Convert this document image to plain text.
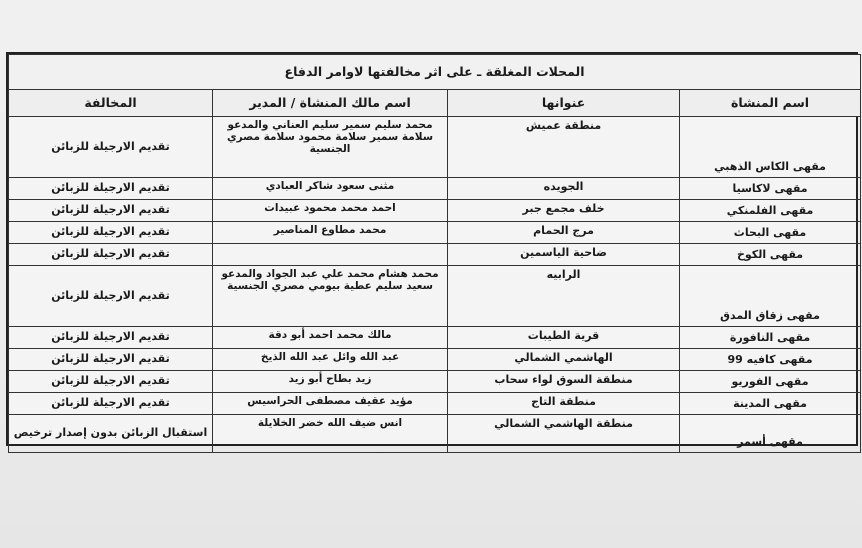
المحلات المغلقة ـ على اثر مخالفتها لاوامر الدفاع			
اسم المنشاة	عنوانها	اسم مالك المنشاة / المدير	المخالفة
مقهى الكاس الذهبي	منطقة عميش	محمد سليم سمير سليم العناني والمدعو سلامة سمير سلامة محمود سلامة مصري الجنسية	تقديم الارجيلة للزبائن
مقهى لاكاسيا	الجويده	مثنى سعود شاكر العبادي	تقديم الارجيلة للزبائن
مقهى الفلمنكي	خلف مجمع جبر	احمد محمد محمود عبيدات	تقديم الارجيلة للزبائن
مقهى البحاث	مرج الحمام	محمد مطاوع المناصير	تقديم الارجيلة للزبائن
مقهى الكوخ	ضاحية الياسمين		تقديم الارجيلة للزبائن
مقهى زقاق المدق	الرابيه	محمد هشام محمد علي عبد الجواد والمدعو سعيد سليم عطية بيومي مصري الجنسية	تقديم الارجيلة للزبائن
مقهى النافورة	قرية الطيبات	مالك محمد احمد أبو دقة	تقديم الارجيلة للزبائن
مقهى كافيه 99	الهاشمي الشمالي	عبد الله وائل عبد الله الذيخ	تقديم الارجيلة للزبائن
مقهى الفوريو	منطقة السوق لواء سحاب	زيد بطاح أبو زيد	تقديم الارجيلة للزبائن
مقهى المدينة	منطقة التاج	مؤيد عقيف مصطفى الحراسيس	تقديم الارجيلة للزبائن
مقهى أسمر	منطقة الهاشمي الشمالي	انس ضيف الله خضر الخلايلة	استقبال الزبائن بدون إصدار ترخيص
